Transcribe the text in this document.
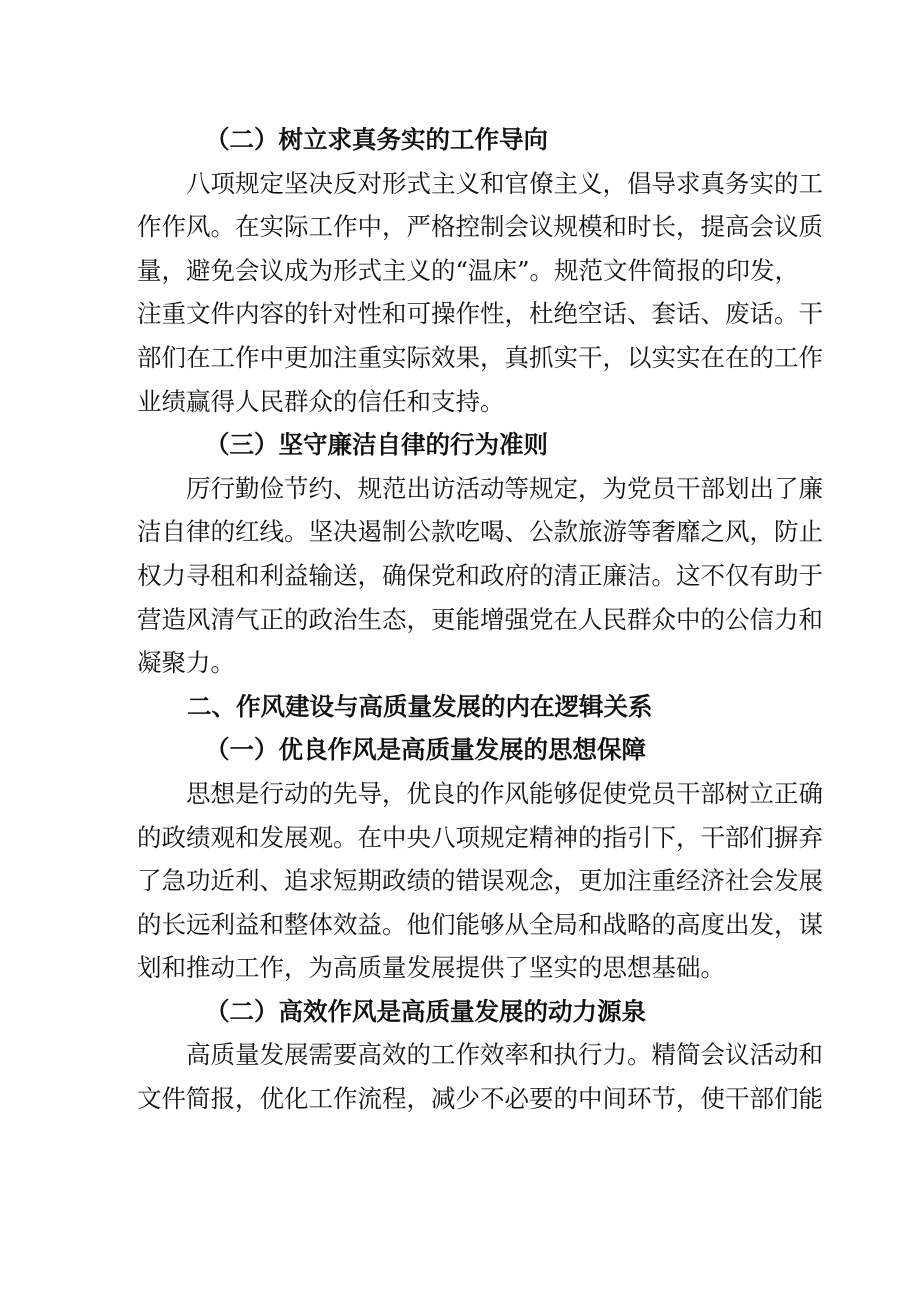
（二）树立求真务实的工作导向
八项规定坚决反对形式主义和官僚主义，倡导求真务实的工
作作风。在实际工作中，严格控制会议规模和时长，提高会议质
量，避免会议成为形式主义的“温床”。规范文件简报的印发，
注重文件内容的针对性和可操作性，杜绝空话、套话、废话。干
部们在工作中更加注重实际效果，真抓实干，以实实在在的工作
业绩赢得人民群众的信任和支持。
（三）坚守廉洁自律的行为准则
厉行勤俭节约、规范出访活动等规定，为党员干部划出了廉
洁自律的红线。坚决遏制公款吃喝、公款旅游等奢靡之风，防止
权力寻租和利益输送，确保党和政府的清正廉洁。这不仅有助于
营造风清气正的政治生态，更能增强党在人民群众中的公信力和
凝聚力。
二、作风建设与高质量发展的内在逻辑关系
（一）优良作风是高质量发展的思想保障
思想是行动的先导，优良的作风能够促使党员干部树立正确
的政绩观和发展观。在中央八项规定精神的指引下，干部们摒弃
了急功近利、追求短期政绩的错误观念，更加注重经济社会发展
的长远利益和整体效益。他们能够从全局和战略的高度出发，谋
划和推动工作，为高质量发展提供了坚实的思想基础。
（二）高效作风是高质量发展的动力源泉
高质量发展需要高效的工作效率和执行力。精简会议活动和
文件简报，优化工作流程，减少不必要的中间环节，使干部们能
